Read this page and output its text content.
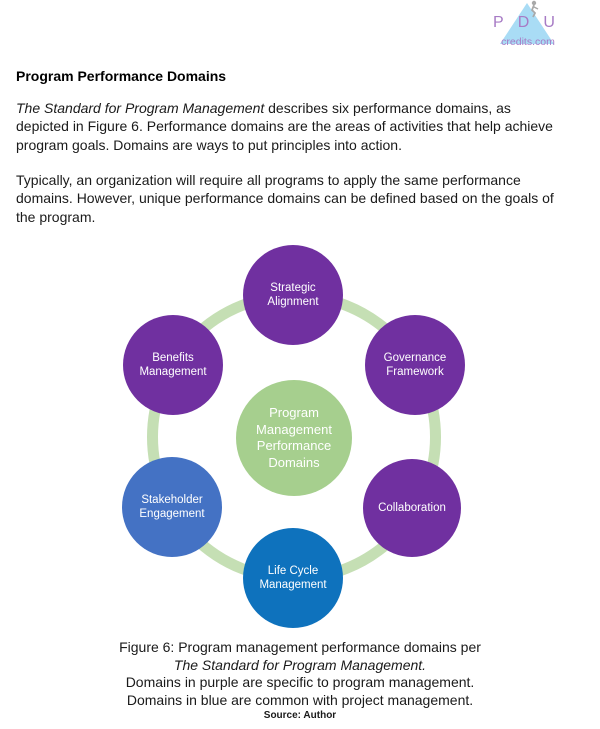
P D U
credits.com
Program Performance Domains

The Standard for Program Management describes six performance domains, as depicted in Figure 6. Performance domains are the areas of activities that help achieve program goals. Domains are ways to put principles into action.

Typically, an organization will require all programs to apply the same performance domains. However, unique performance domains can be defined based on the goals of the program.

Strategic Alignment
Benefits Management
Governance Framework
Stakeholder Engagement	Collaboration
Life Cycle Management
Program Management Performance Domains
Figure 6: Program management performance domains per
The Standard for Program Management.
Domains in purple are specific to program management.
Domains in blue are common with project management.
Source: Author
